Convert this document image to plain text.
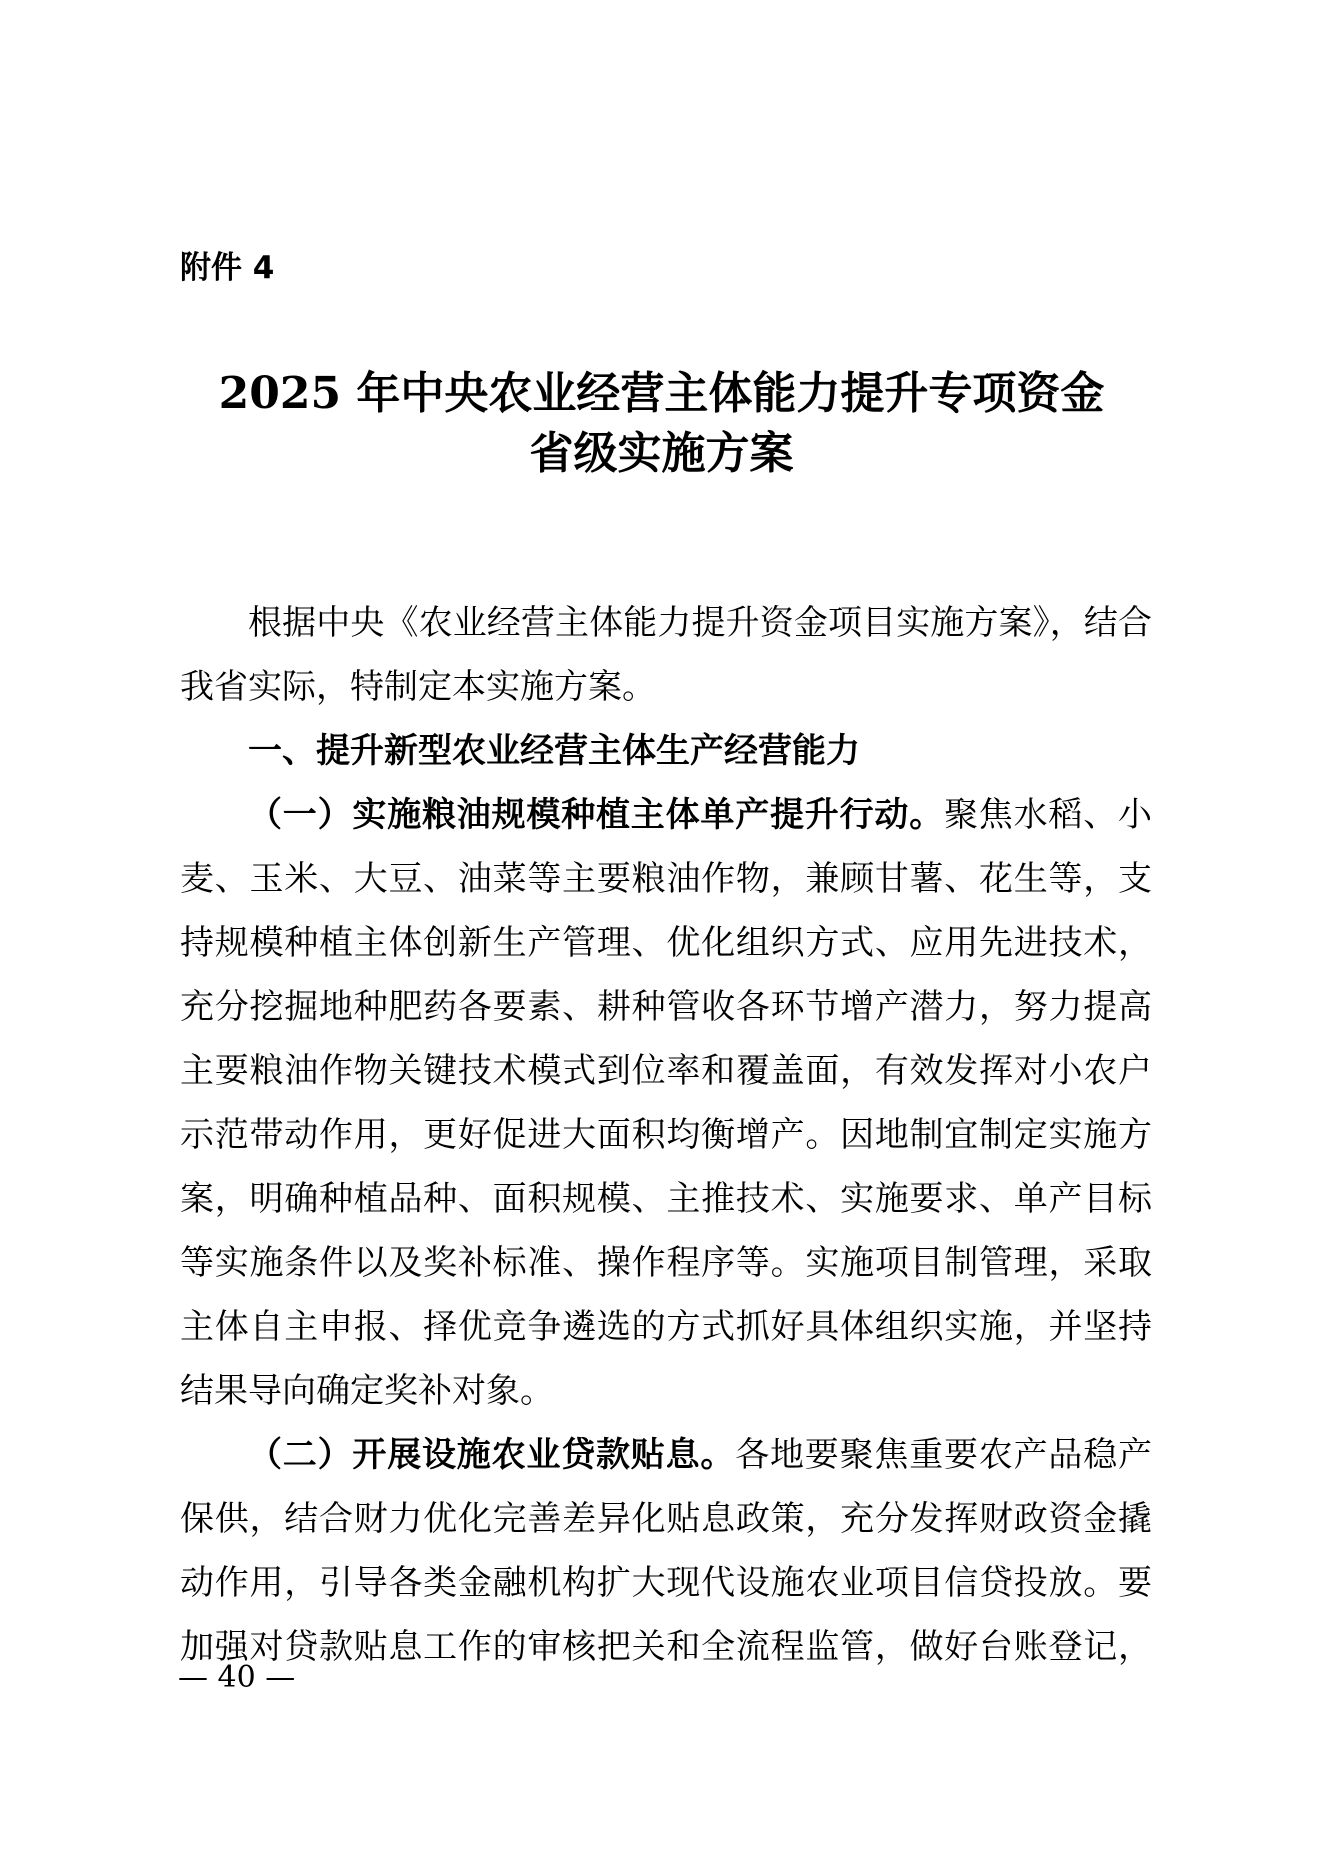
附件 4
2025 年中央农业经营主体能力提升专项资金
省级实施方案
根据中央《农业经营主体能力提升资金项目实施方案》，结合
我省实际，特制定本实施方案。
一、提升新型农业经营主体生产经营能力
（一）实施粮油规模种植主体单产提升行动。聚焦水稻、小
麦、玉米、大豆、油菜等主要粮油作物，兼顾甘薯、花生等，支
持规模种植主体创新生产管理、优化组织方式、应用先进技术，
充分挖掘地种肥药各要素、耕种管收各环节增产潜力，努力提高
主要粮油作物关键技术模式到位率和覆盖面，有效发挥对小农户
示范带动作用，更好促进大面积均衡增产。因地制宜制定实施方
案，明确种植品种、面积规模、主推技术、实施要求、单产目标
等实施条件以及奖补标准、操作程序等。实施项目制管理，采取
主体自主申报、择优竞争遴选的方式抓好具体组织实施，并坚持
结果导向确定奖补对象。
（二）开展设施农业贷款贴息。各地要聚焦重要农产品稳产
保供，结合财力优化完善差异化贴息政策，充分发挥财政资金撬
动作用，引导各类金融机构扩大现代设施农业项目信贷投放。要
加强对贷款贴息工作的审核把关和全流程监管，做好台账登记，
— 40 —
